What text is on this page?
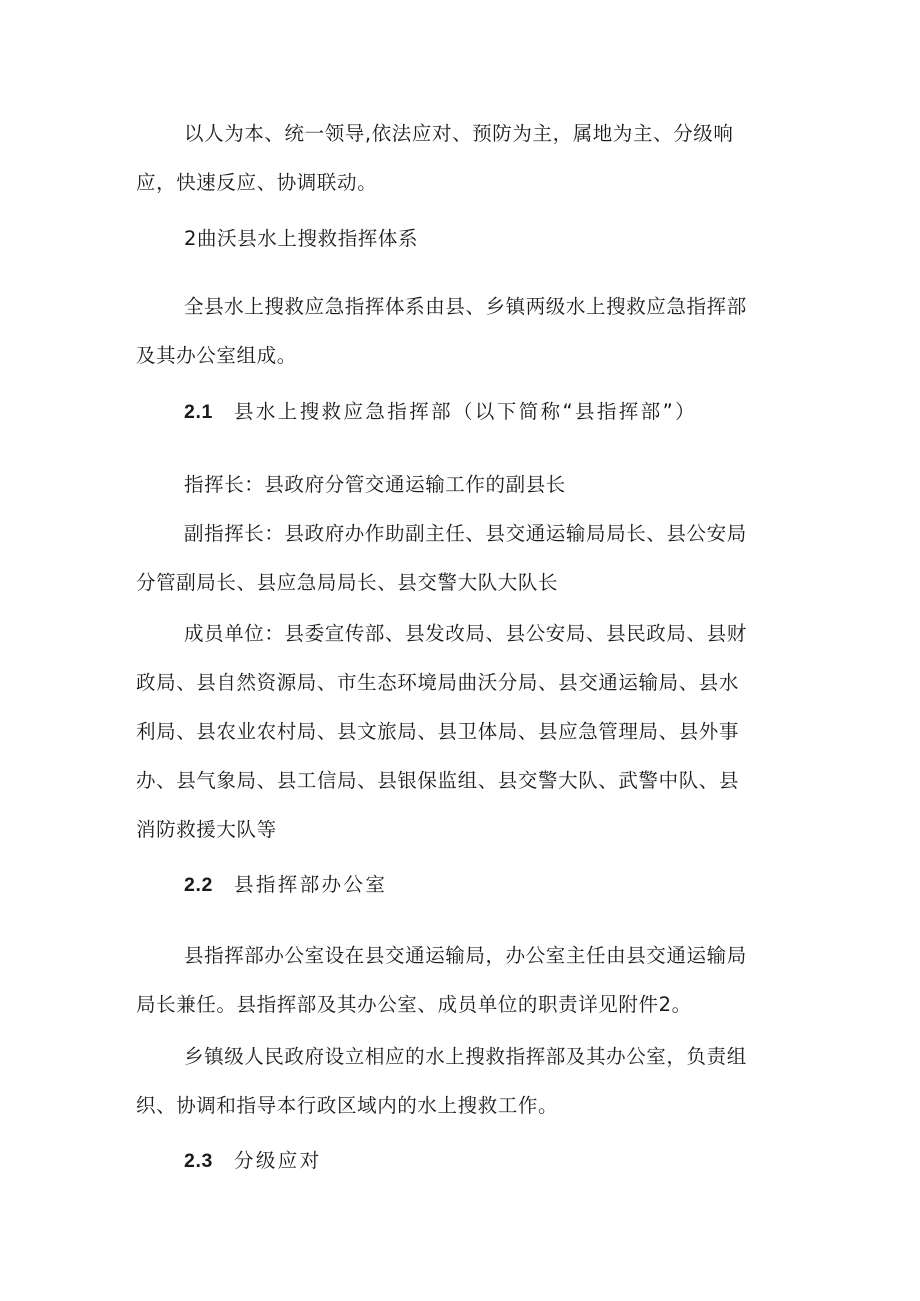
以人为本、统一领导,依法应对、预防为主，属地为主、分级响
应，快速反应、协调联动。
2曲沃县水上搜救指挥体系
全县水上搜救应急指挥体系由县、乡镇两级水上搜救应急指挥部
及其办公室组成。
2.1 县水上搜救应急指挥部（以下简称“县指挥部”）
指挥长：县政府分管交通运输工作的副县长
副指挥长：县政府办作助副主任、县交通运输局局长、县公安局
分管副局长、县应急局局长、县交警大队大队长
成员单位：县委宣传部、县发改局、县公安局、县民政局、县财
政局、县自然资源局、市生态环境局曲沃分局、县交通运输局、县水
利局、县农业农村局、县文旅局、县卫体局、县应急管理局、县外事
办、县气象局、县工信局、县银保监组、县交警大队、武警中队、县
消防救援大队等
2.2 县指挥部办公室
县指挥部办公室设在县交通运输局，办公室主任由县交通运输局
局长兼任。县指挥部及其办公室、成员单位的职责详见附件2。
乡镇级人民政府设立相应的水上搜救指挥部及其办公室，负责组
织、协调和指导本行政区域内的水上搜救工作。
2.3 分级应对
